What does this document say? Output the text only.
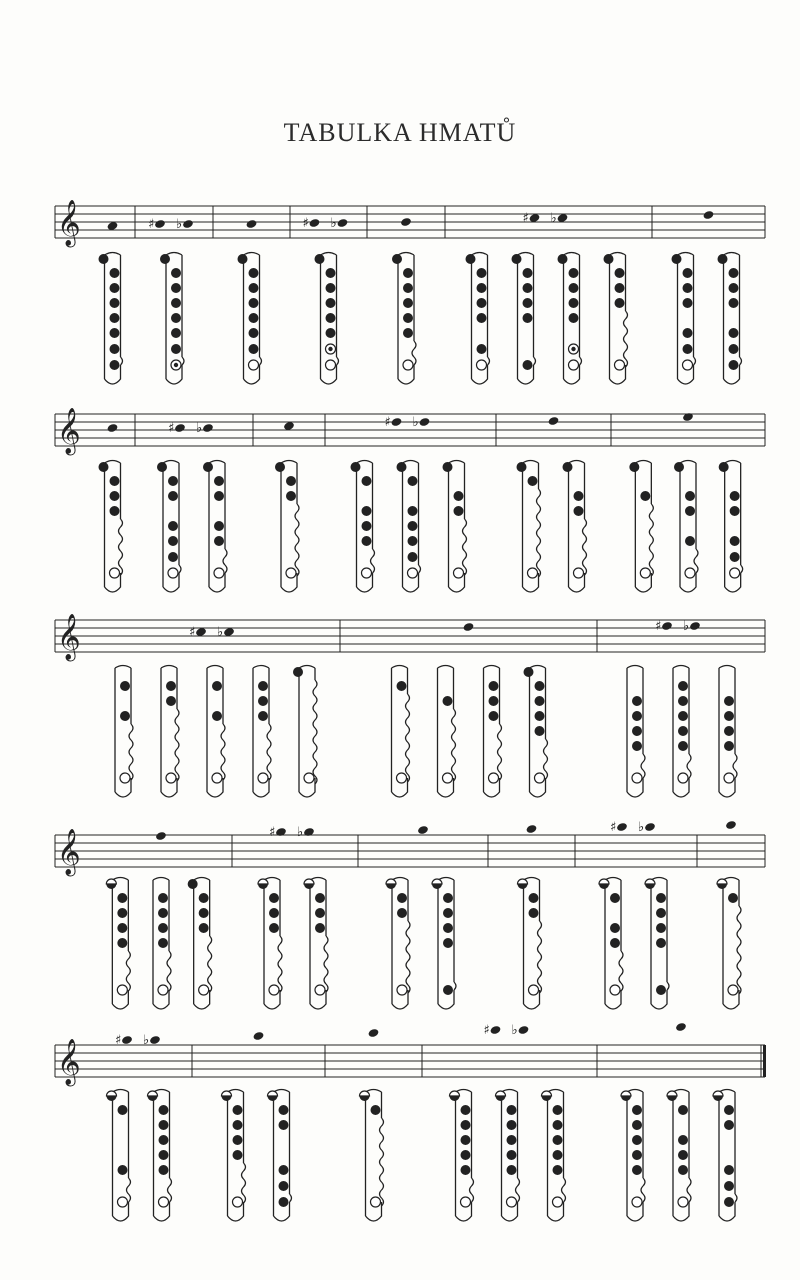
TABULKA HMATŮ
𝄞	♯ ♭	♯ ♭	♯ ♭
𝄞	♯ ♭	♯ ♭
𝄞	♯ ♭	♯ ♭
𝄞	♯ ♭	♯ ♭
𝄞	♯ ♭
♯ ♭
